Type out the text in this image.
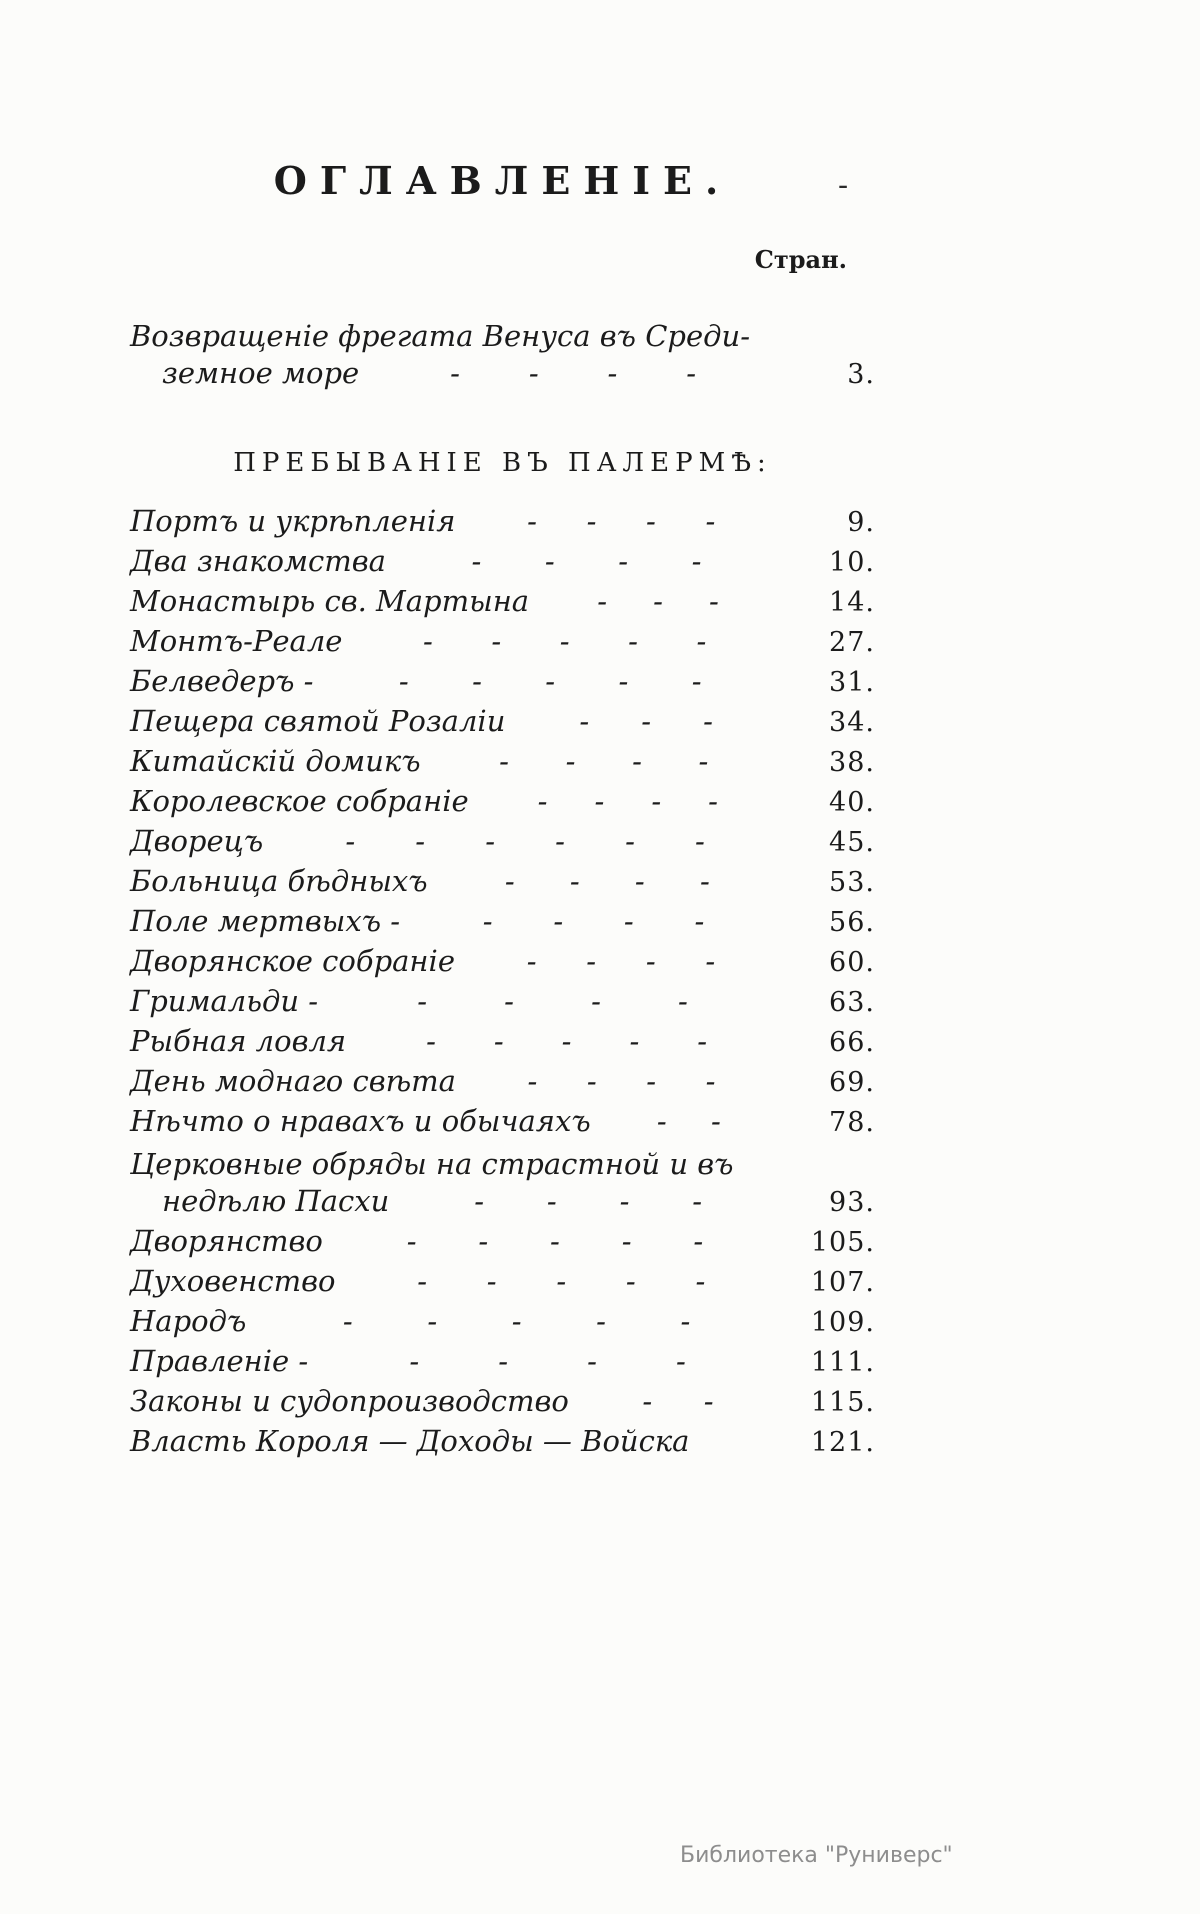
-
ОГЛАВЛЕНІЕ.
Стран.
Возвращеніе фрегата Венуса въ Среди-
земное море	- - - -	3.
ПРЕБЫВАНІЕ ВЪ ПАЛЕРМѢ:
Портъ и укрѣпленія - - - -	9.
Два знакомства	- - - -	10.
Монастырь св. Мартына - - -	14.
Монтъ-Реале	- - - - -	27.
Белведеръ -	- - - - -	31.
Пещера святой Розаліи	- - -	34.
Китайскій домикъ	- - - -	38.
Королевское собраніе - - - -	40.
Дворецъ	- - - - - -	45.
Больница бѣдныхъ	- - - -	53.
Поле мертвыхъ -	- - - -	56.
Дворянское собраніе - - - -	60.
Гримальди -	-	-	-	-	63.
Рыбная ловля	- - - - -	66.
День моднаго свѣта - - - -	69.
Нѣчто о нравахъ и обычаяхъ - -	78.
Церковные обряды на страстной и въ
недѣлю Пасхи	- - - -	93.
Дворянство	- - - - -	105.
Духовенство	- - - - -	107.
Народъ	-	-	-	-	-	109.
Правленіе -	-	-	-	-	111.
Законы и судопроизводство	- -	115.
Власть Короля — Доходы — Войска	121.
Библиотека "Руниверс"
